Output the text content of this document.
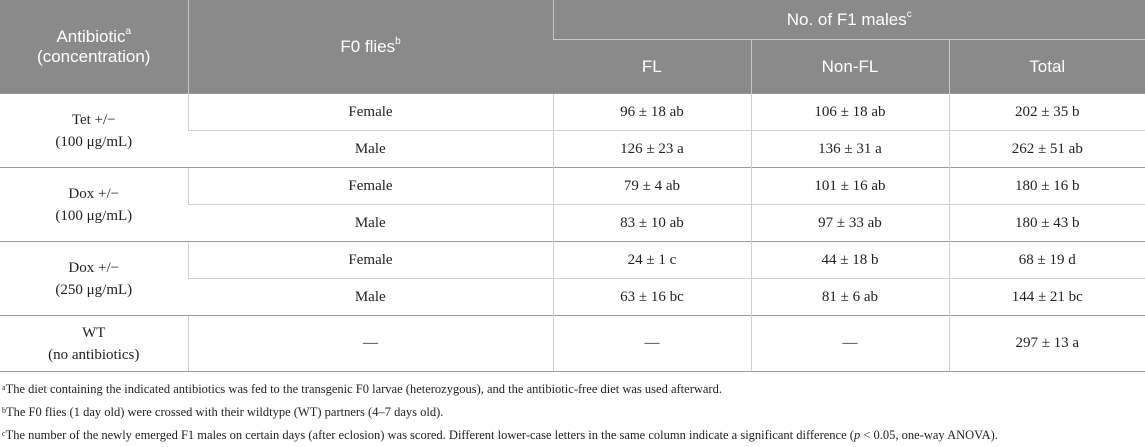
Antibiotic$^a$ (concentration)	F0 flies$^b$	No. of F1 males$^c$
		FL	Non-FL	Total
Tet +/−
(100 μg/mL)	Female	96 ± 18 ab	106 ± 18 ab	202 ± 35 b
	Male	126 ± 23 a	136 ± 31 a	262 ± 51 ab
Dox +/−
(100 μg/mL)	Female	79 ± 4 ab	101 ± 16 ab	180 ± 16 b
	Male	83 ± 10 ab	97 ± 33 ab	180 ± 43 b
Dox +/−
(250 μg/mL)	Female	24 ± 1 c	44 ± 18 b	68 ± 19 d
	Male	63 ± 16 bc	81 ± 6 ab	144 ± 21 bc
WT
(no antibiotics)	—	—	—	297 ± 13 a
$^a$The diet containing the indicated antibiotics was fed to the transgenic F0 larvae (heterozygous), and the antibiotic-free diet was used afterward.
$^b$The F0 flies (1 day old) were crossed with their wildtype (WT) partners (4–7 days old).
$^c$The number of the newly emerged F1 males on certain days (after eclosion) was scored. Different lower-case letters in the same column indicate a significant difference (p < 0.05, one-way ANOVA).
